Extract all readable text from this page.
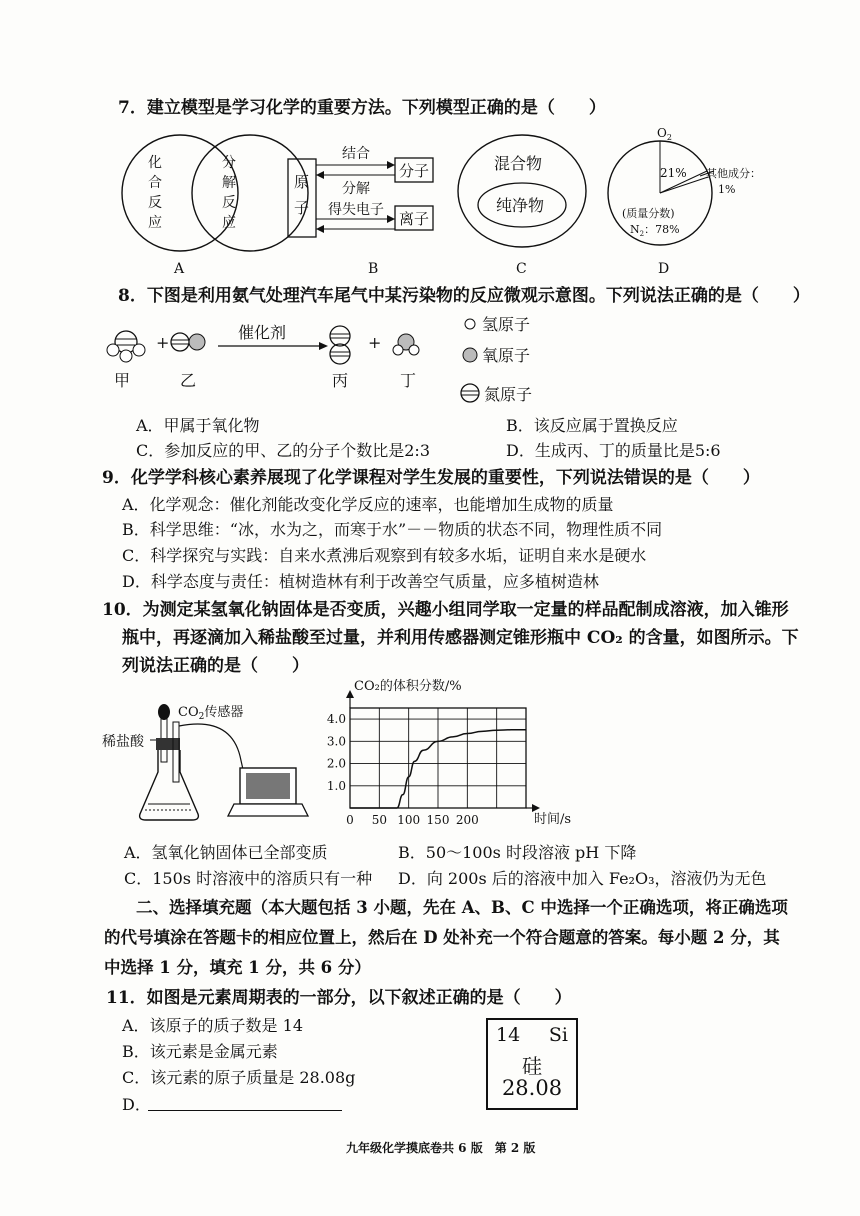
7．建立模型是学习化学的重要方法。下列模型正确的是（　　）
化
合
反
应
分
解
反
应
原
子
分子
离子
结合
分解
得失电子
混合物
纯净物
$O_2$
21% 其他成分：
1%
(质量分数)
$N_2$：78%
A	B	C	D
8．下图是利用氨气处理汽车尾气中某污染物的反应微观示意图。下列说法正确的是（　　）
+
催化剂
+
甲	乙	丙	丁
氢原子
氧原子
氮原子
A．甲属于氧化物	B．该反应属于置换反应
C．参加反应的甲、乙的分子个数比是2:3	D．生成丙、丁的质量比是5:6
9．化学学科核心素养展现了化学课程对学生发展的重要性，下列说法错误的是（　　）
A．化学观念：催化剂能改变化学反应的速率，也能增加生成物的质量
B．科学思维：“冰，水为之，而寒于水”－－物质的状态不同，物理性质不同
C．科学探究与实践：自来水煮沸后观察到有较多水垢，证明自来水是硬水
D．科学态度与责任：植树造林有利于改善空气质量，应多植树造林
10．为测定某氢氧化钠固体是否变质，兴趣小组同学取一定量的样品配制成溶液，加入锥形
瓶中，再逐滴加入稀盐酸至过量，并利用传感器测定锥形瓶中 CO₂ 的含量，如图所示。下
列说法正确的是（　　）
稀盐酸
$CO_2$传感器
CO₂的体积分数/%
时间/s
0 50 100 150 200
1.0
2.0
3.0
4.0
A．氢氧化钠固体已全部变质	B．50～100s 时段溶液 pH 下降
C．150s 时溶液中的溶质只有一种 D．向 200s 后的溶液中加入 Fe₂O₃，溶液仍为无色
二、选择填充题（本大题包括 3 小题，先在 A、B、C 中选择一个正确选项，将正确选项
的代号填涂在答题卡的相应位置上，然后在 D 处补充一个符合题意的答案。每小题 2 分，其
中选择 1 分，填充 1 分，共 6 分）
11．如图是元素周期表的一部分，以下叙述正确的是（　　）
A．该原子的质子数是 14
B．该元素是金属元素
C．该元素的原子质量是 28.08g
D．
14 Si
硅
28.08
九年级化学摸底卷共 6 版　第 2 版
